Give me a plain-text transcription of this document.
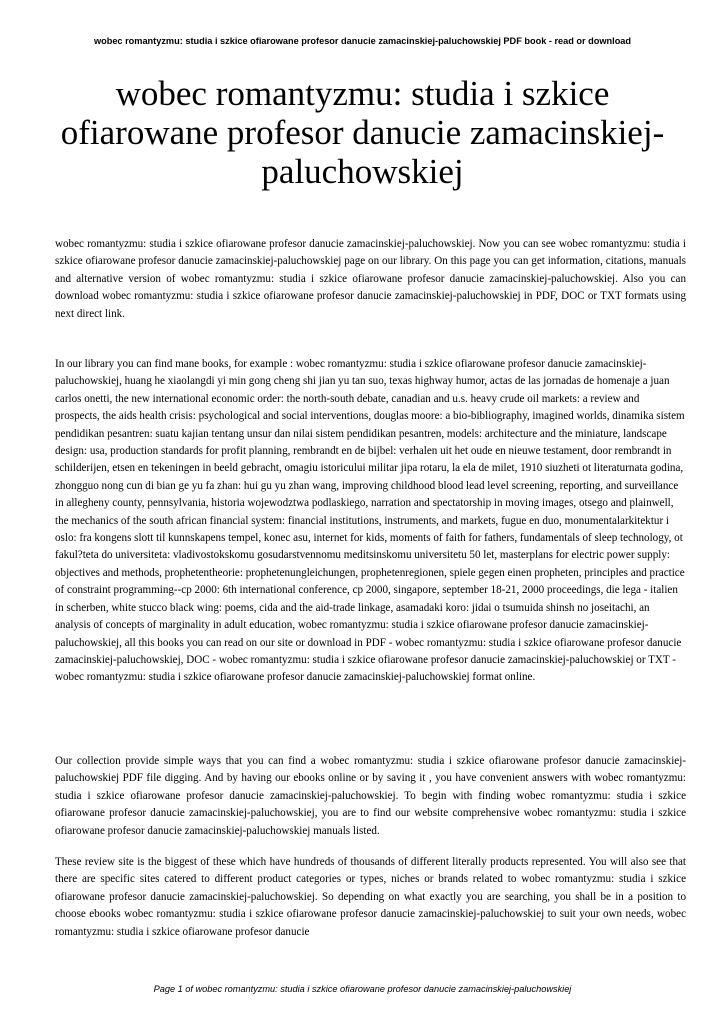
wobec romantyzmu: studia i szkice ofiarowane profesor danucie zamacinskiej-paluchowskiej PDF book - read or download
wobec romantyzmu: studia i szkice ofiarowane profesor danucie zamacinskiej-paluchowskiej

wobec romantyzmu: studia i szkice ofiarowane profesor danucie zamacinskiej-paluchowskiej. Now you can see wobec romantyzmu: studia i szkice ofiarowane profesor danucie zamacinskiej-paluchowskiej page on our library. On this page you can get information, citations, manuals and alternative version of wobec romantyzmu: studia i szkice ofiarowane profesor danucie zamacinskiej-paluchowskiej. Also you can download wobec romantyzmu: studia i szkice ofiarowane profesor danucie zamacinskiej-paluchowskiej in PDF, DOC or TXT formats using next direct link.

In our library you can find mane books, for example : wobec romantyzmu: studia i szkice ofiarowane profesor danucie zamacinskiej-paluchowskiej, huang he xiaolangdi yi min gong cheng shi jian yu tan suo, texas highway humor, actas de las jornadas de homenaje a juan carlos onetti, the new international economic order: the north-south debate, canadian and u.s. heavy crude oil markets: a review and prospects, the aids health crisis: psychological and social interventions, douglas moore: a bio-bibliography, imagined worlds, dinamika sistem pendidikan pesantren: suatu kajian tentang unsur dan nilai sistem pendidikan pesantren, models: architecture and the miniature, landscape design: usa, production standards for profit planning, rembrandt en de bijbel: verhalen uit het oude en nieuwe testament, door rembrandt in schilderijen, etsen en tekeningen in beeld gebracht, omagiu istoricului militar jipa rotaru, la ela de milet, 1910 siuzheti ot literaturnata godina, zhongguo nong cun di bian ge yu fa zhan: hui gu yu zhan wang, improving childhood blood lead level screening, reporting, and surveillance in allegheny county, pennsylvania, historia wojewodztwa podlaskiego, narration and spectatorship in moving images, otsego and plainwell, the mechanics of the south african financial system: financial institutions, instruments, and markets, fugue en duo, monumentalarkitektur i oslo: fra kongens slott til kunnskapens tempel, konec asu, internet for kids, moments of faith for fathers, fundamentals of sleep technology, ot fakul?teta do universiteta: vladivostokskomu gosudarstvennomu meditsinskomu universitetu 50 let, masterplans for electric power supply: objectives and methods, prophetentheorie: prophetenungleichungen, prophetenregionen, spiele gegen einen propheten, principles and practice of constraint programming--cp 2000: 6th international conference, cp 2000, singapore, september 18-21, 2000 proceedings, die lega - italien in scherben, white stucco black wing: poems, cida and the aid-trade linkage, asamadaki koro: jidai o tsumuida shinsh no joseitachi, an analysis of concepts of marginality in adult education, wobec romantyzmu: studia i szkice ofiarowane profesor danucie zamacinskiej-paluchowskiej, all this books you can read on our site or download in PDF - wobec romantyzmu: studia i szkice ofiarowane profesor danucie zamacinskiej-paluchowskiej, DOC - wobec romantyzmu: studia i szkice ofiarowane profesor danucie zamacinskiej-paluchowskiej or TXT - wobec romantyzmu: studia i szkice ofiarowane profesor danucie zamacinskiej-paluchowskiej format online.

Our collection provide simple ways that you can find a wobec romantyzmu: studia i szkice ofiarowane profesor danucie zamacinskiej-paluchowskiej PDF file digging. And by having our ebooks online or by saving it , you have convenient answers with wobec romantyzmu: studia i szkice ofiarowane profesor danucie zamacinskiej-paluchowskiej. To begin with finding wobec romantyzmu: studia i szkice ofiarowane profesor danucie zamacinskiej-paluchowskiej, you are to find our website comprehensive wobec romantyzmu: studia i szkice ofiarowane profesor danucie zamacinskiej-paluchowskiej manuals listed.

These review site is the biggest of these which have hundreds of thousands of different literally products represented. You will also see that there are specific sites catered to different product categories or types, niches or brands related to wobec romantyzmu: studia i szkice ofiarowane profesor danucie zamacinskiej-paluchowskiej. So depending on what exactly you are searching, you shall be in a position to choose ebooks wobec romantyzmu: studia i szkice ofiarowane profesor danucie zamacinskiej-paluchowskiej to suit your own needs, wobec romantyzmu: studia i szkice ofiarowane profesor danucie

Page 1 of wobec romantyzmu: studia i szkice ofiarowane profesor danucie zamacinskiej-paluchowskiej
